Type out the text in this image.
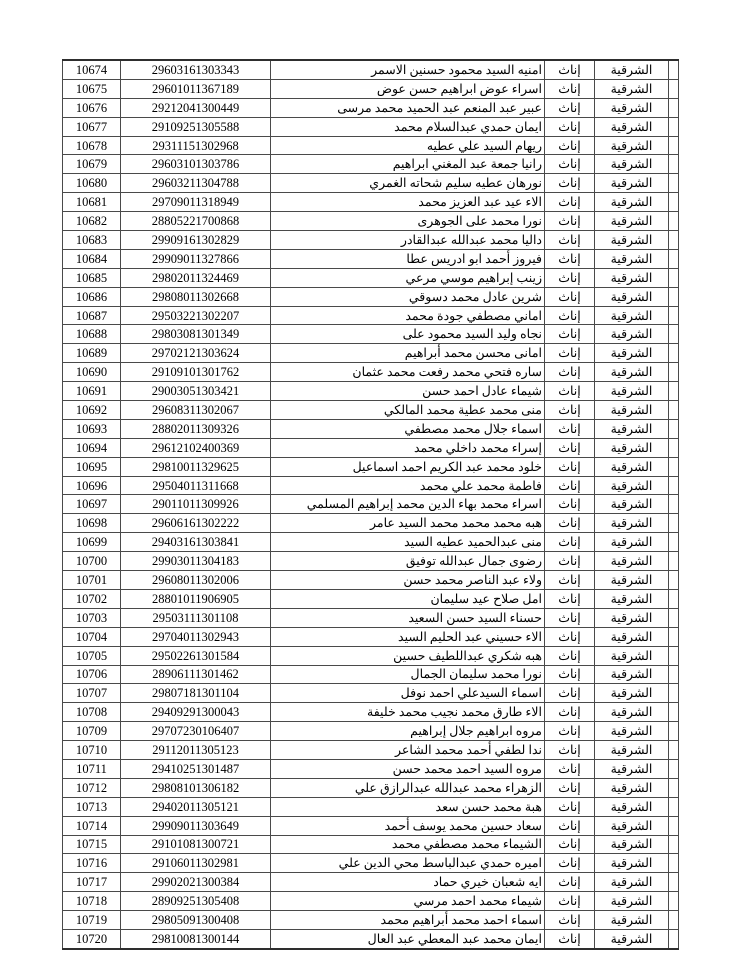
	الشرقية	إناث	امنيه السيد محمود حسنين الاسمر	29603161303343	10674
	الشرقية	إناث	اسراء عوض ابراهيم حسن عوض	29601011367189	10675
	الشرقية	إناث	عبير عبد المنعم عبد الحميد محمد مرسى	29212041300449	10676
	الشرقية	إناث	ايمان حمدي عبدالسلام محمد	29109251305588	10677
	الشرقية	إناث	ريهام السيد علي عطيه	29311151302968	10678
	الشرقية	إناث	رانيا جمعة عبد المغني ابراهيم	29603101303786	10679
	الشرقية	إناث	نورهان عطيه سليم شحاته الغمري	29603211304788	10680
	الشرقية	إناث	الاء عيد عبد العزيز محمد	29709011318949	10681
	الشرقية	إناث	نورا محمد على الجوهرى	28805221700868	10682
	الشرقية	إناث	داليا محمد عبدالله عبدالقادر	29909161302829	10683
	الشرقية	إناث	فيروز أحمد ابو ادريس عطا	29909011327866	10684
	الشرقية	إناث	زينب إبراهيم موسي مرعي	29802011324469	10685
	الشرقية	إناث	شرين عادل محمد دسوقي	29808011302668	10686
	الشرقية	إناث	اماني مصطفي جودة محمد	29503221302207	10687
	الشرقية	إناث	نجاه وليد السيد محمود على	29803081301349	10688
	الشرقية	إناث	امانى محسن محمد أبراهيم	29702121303624	10689
	الشرقية	إناث	ساره فتحي محمد رفعت محمد عثمان	29109101301762	10690
	الشرقية	إناث	شيماء عادل احمد حسن	29003051303421	10691
	الشرقية	إناث	منى محمد عطية محمد المالكي	29608311302067	10692
	الشرقية	إناث	اسماء جلال محمد مصطفي	28802011309326	10693
	الشرقية	إناث	إسراء محمد داخلي محمد	29612102400369	10694
	الشرقية	إناث	خلود محمد عبد الكريم احمد اسماعيل	29810011329625	10695
	الشرقية	إناث	فاطمة محمد علي محمد	29504011311668	10696
	الشرقية	إناث	اسراء محمد بهاء الدين محمد إبراهيم المسلمي	29011011309926	10697
	الشرقية	إناث	هبه محمد محمد محمد السيد عامر	29606161302222	10698
	الشرقية	إناث	منى عبدالحميد عطيه السيد	29403161303841	10699
	الشرقية	إناث	رضوى جمال عبدالله توفيق	29903011304183	10700
	الشرقية	إناث	ولاء عبد الناصر محمد حسن	29608011302006	10701
	الشرقية	إناث	امل صلاح عيد سليمان	28801011906905	10702
	الشرقية	إناث	حسناء السيد حسن السعيد	29503111301108	10703
	الشرقية	إناث	الاء حسيني عبد الحليم السيد	29704011302943	10704
	الشرقية	إناث	هبه شكري عبداللطيف حسين	29502261301584	10705
	الشرقية	إناث	نورا محمد سليمان الجمال	28906111301462	10706
	الشرقية	إناث	اسماء السيدعلي احمد نوفل	29807181301104	10707
	الشرقية	إناث	الاء طارق محمد نجيب محمد خليفة	29409291300043	10708
	الشرقية	إناث	مروه ابراهيم جلال إبراهيم	29707230106407	10709
	الشرقية	إناث	ندا لطفي أحمد محمد الشاعر	29112011305123	10710
	الشرقية	إناث	مروه السيد احمد محمد حسن	29410251301487	10711
	الشرقية	إناث	الزهراء محمد عبدالله عبدالرازق علي	29808101306182	10712
	الشرقية	إناث	هبة محمد حسن سعد	29402011305121	10713
	الشرقية	إناث	سعاد حسين محمد يوسف أحمد	29909011303649	10714
	الشرقية	إناث	الشيماء محمد مصطفي محمد	29101081300721	10715
	الشرقية	إناث	اميره حمدي عبدالباسط محي الدين علي	29106011302981	10716
	الشرقية	إناث	ايه شعبان خيري حماد	29902021300384	10717
	الشرقية	إناث	شيماء محمد احمد مرسي	28909251305408	10718
	الشرقية	إناث	اسماء احمد محمد أبراهيم محمد	29805091300408	10719
	الشرقية	إناث	ايمان محمد عبد المعطي عبد العال	29810081300144	10720
